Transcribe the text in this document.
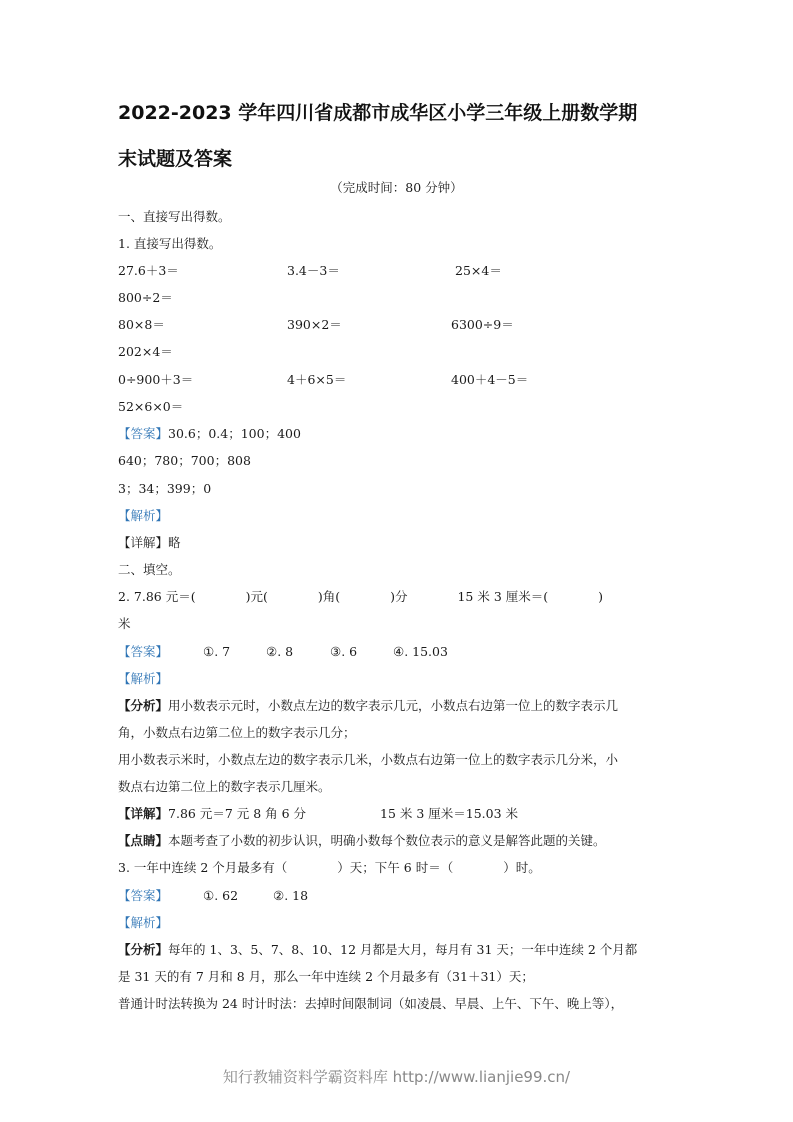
2022-2023 学年四川省成都市成华区小学三年级上册数学期
末试题及答案
（完成时间：80 分钟）
一、直接写出得数。
1. 直接写出得数。
27.6＋3＝	3.4－3＝	25×4＝
800÷2＝
80×8＝	390×2＝	6300÷9＝
202×4＝
0÷900＋3＝	4＋6×5＝	400＋4－5＝
52×6×0＝
【答案】30.6；0.4；100；400
640；780；700；808
3；34；399；0
【解析】
【详解】略
二、填空。
2. 7.86 元＝(　　　　)元(　　　　)角(　　　　)分　　　　15 米 3 厘米＝(　　　　)
米
【答案】	①. 7	②. 8	③. 6	④. 15.03
【解析】
【分析】用小数表示元时，小数点左边的数字表示几元，小数点右边第一位上的数字表示几
角，小数点右边第二位上的数字表示几分；
用小数表示米时，小数点左边的数字表示几米，小数点右边第一位上的数字表示几分米，小
数点右边第二位上的数字表示几厘米。
【详解】7.86 元＝7 元 8 角 6 分	15 米 3 厘米＝15.03 米
【点睛】本题考查了小数的初步认识，明确小数每个数位表示的意义是解答此题的关键。
3. 一年中连续 2 个月最多有（　　　　）天；下午 6 时＝（　　　　）时。
【答案】	①. 62	②. 18
【解析】
【分析】每年的 1、3、5、7、8、10、12 月都是大月，每月有 31 天；一年中连续 2 个月都
是 31 天的有 7 月和 8 月，那么一年中连续 2 个月最多有（31＋31）天；
普通计时法转换为 24 时计时法：去掉时间限制词（如凌晨、早晨、上午、下午、晚上等），
知行教辅资料学霸资料库 http://www.lianjie99.cn/
